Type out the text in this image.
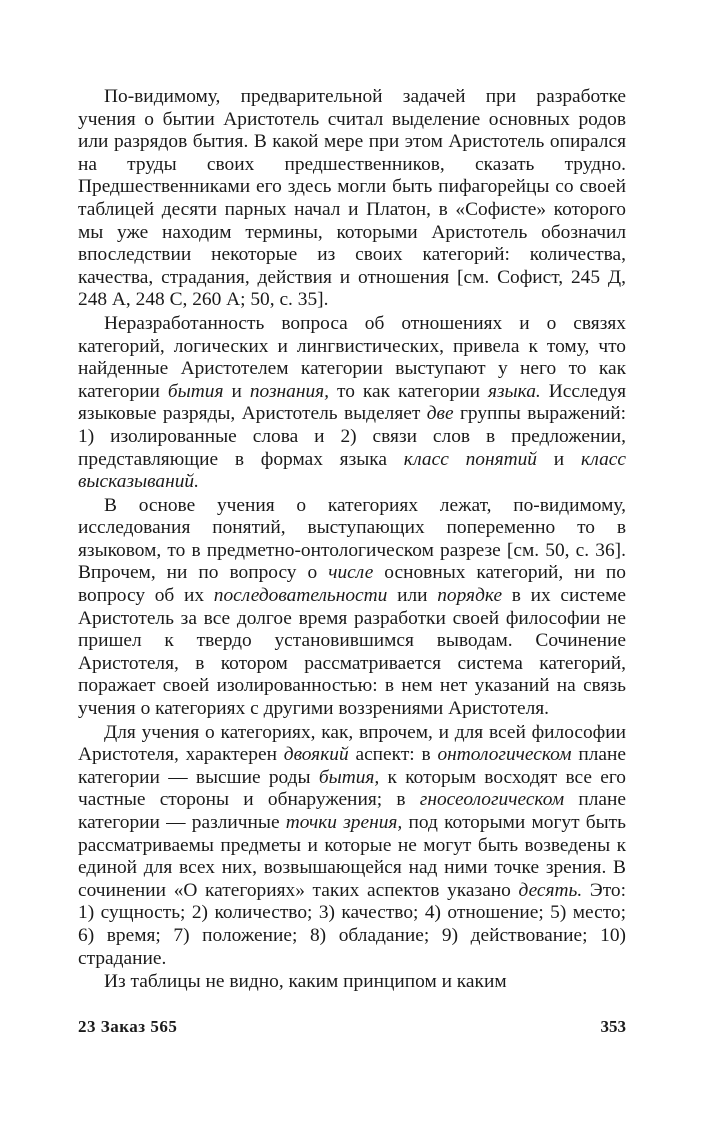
По-видимому, предварительной задачей при разработке учения о бытии Аристотель считал выделение основных родов или разрядов бытия. В какой мере при этом Аристотель опирался на труды своих предшественников, сказать трудно. Предшественниками его здесь могли быть пифагорейцы со своей таблицей десяти парных начал и Платон, в «Софисте» которого мы уже находим термины, которыми Аристотель обозначил впоследствии некоторые из своих категорий: количества, качества, страдания, действия и отношения [см. Софист, 245 Д, 248 А, 248 С, 260 А; 50, с. 35].

Неразработанность вопроса об отношениях и о связях категорий, логических и лингвистических, привела к тому, что найденные Аристотелем категории выступают у него то как категории бытия и познания, то как категории языка. Исследуя языковые разряды, Аристотель выделяет две группы выражений: 1) изолированные слова и 2) связи слов в предложении, представляющие в формах языка класс понятий и класс высказываний.

В основе учения о категориях лежат, по-видимому, исследования понятий, выступающих попеременно то в языковом, то в предметно-онтологическом разрезе [см. 50, с. 36]. Впрочем, ни по вопросу о числе основных категорий, ни по вопросу об их последовательности или порядке в их системе Аристотель за все долгое время разработки своей философии не пришел к твердо установившимся выводам. Сочинение Аристотеля, в котором рассматривается система категорий, поражает своей изолированностью: в нем нет указаний на связь учения о категориях с другими воззрениями Аристотеля.

Для учения о категориях, как, впрочем, и для всей философии Аристотеля, характерен двоякий аспект: в онтологическом плане категории — высшие роды бытия, к которым восходят все его частные стороны и обнаружения; в гносеологическом плане категории — различные точки зрения, под которыми могут быть рассматриваемы предметы и которые не могут быть возведены к единой для всех них, возвышающейся над ними точке зрения. В сочинении «О категориях» таких аспектов указано десять. Это: 1) сущность; 2) количество; 3) качество; 4) отношение; 5) место; 6) время; 7) положение; 8) обладание; 9) действование; 10) страдание.

Из таблицы не видно, каким принципом и каким

23 Заказ 565	353
